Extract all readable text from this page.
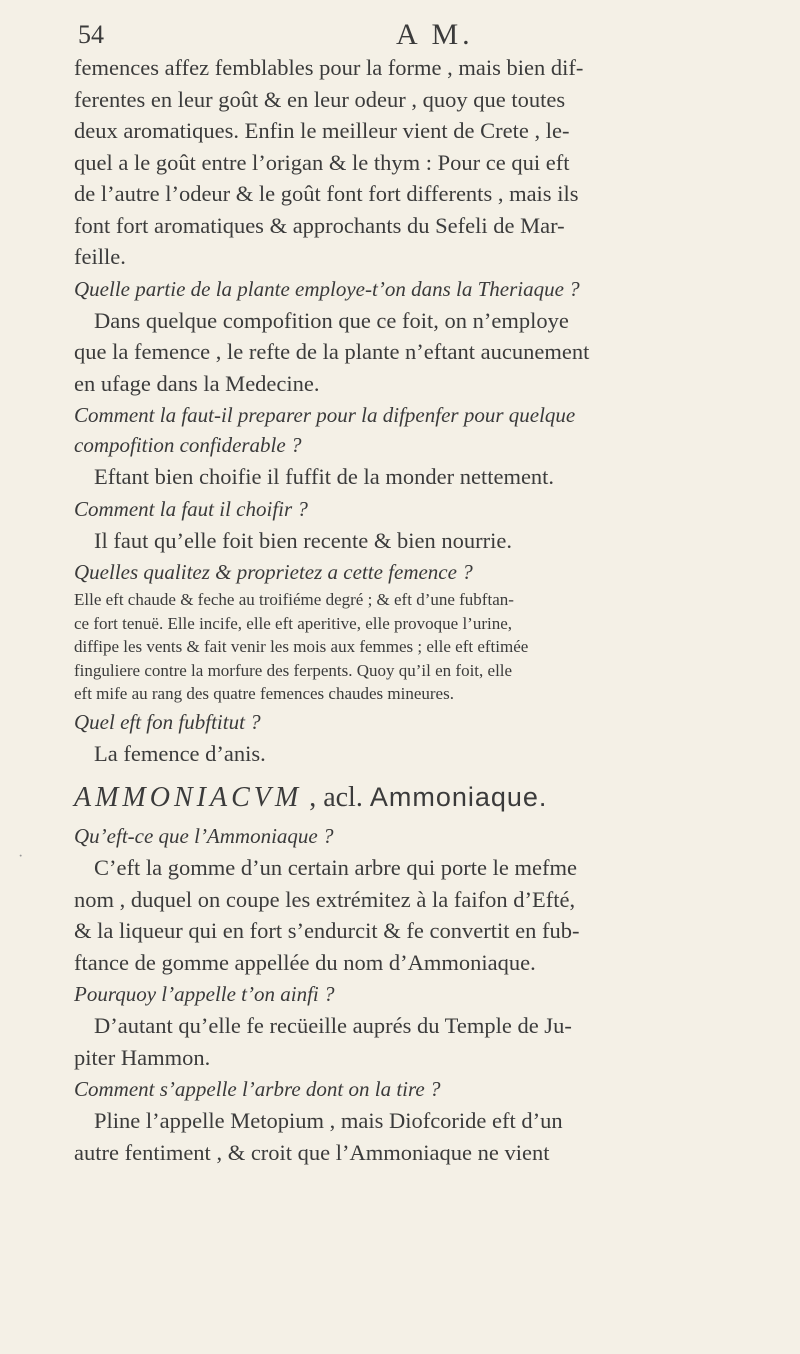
·
54	A M.

femences affez femblables pour la forme , mais bien dif-
ferentes en leur goût & en leur odeur , quoy que toutes
deux aromatiques. Enfin le meilleur vient de Crete , le-
quel a le goût entre l’origan & le thym : Pour ce qui eft
de l’autre l’odeur & le goût font fort differents , mais ils
font fort aromatiques & approchants du Sefeli de Mar-
feille.

Quelle partie de la plante employe-t’on dans la Theriaque ?

Dans quelque compofition que ce foit, on n’employe
que la femence , le refte de la plante n’eftant aucunement
en ufage dans la Medecine.

Comment la faut-il preparer pour la difpenfer pour quelque
compofition confiderable ?

Eftant bien choifie il fuffit de la monder nettement.

Comment la faut il choifir ?

Il faut qu’elle foit bien recente & bien nourrie.

Quelles qualitez & proprietez a cette femence ?

Elle eft chaude & feche au troifiéme degré ; & eft d’une fubftan-
ce fort tenuë. Elle incife, elle eft aperitive, elle provoque l’urine,
diffipe les vents & fait venir les mois aux femmes ; elle eft eftimée
finguliere contre la morfure des ferpents. Quoy qu’il en foit, elle
eft mife au rang des quatre femences chaudes mineures.

Quel eft fon fubftitut ?

La femence d’anis.

AMMONIACVM , acl. Ammoniaque.
Qu’eft-ce que l’Ammoniaque ?

C’eft la gomme d’un certain arbre qui porte le mefme
nom , duquel on coupe les extrémitez à la faifon d’Efté,
& la liqueur qui en fort s’endurcit & fe convertit en fub-
ftance de gomme appellée du nom d’Ammoniaque.

Pourquoy l’appelle t’on ainfi ?

D’autant qu’elle fe recüeille auprés du Temple de Ju-
piter Hammon.

Comment s’appelle l’arbre dont on la tire ?

Pline l’appelle Metopium , mais Diofcoride eft d’un
autre fentiment , & croit que l’Ammoniaque ne vient
